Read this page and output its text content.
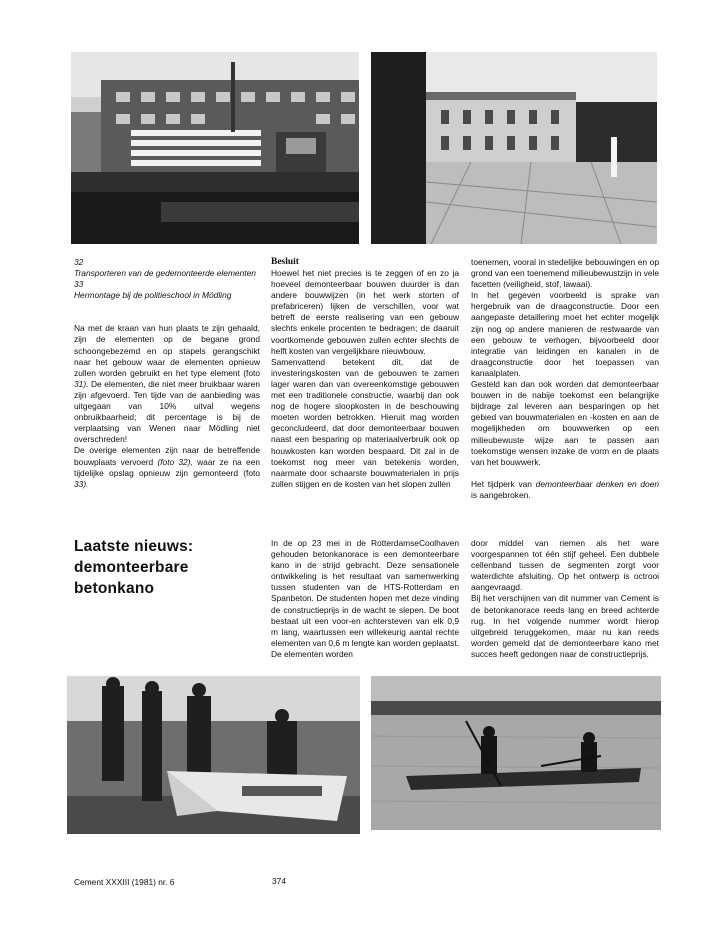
32
Transporteren van de gedemonteerde elementen
33
Hermontage bij de politieschool in Mödling

Na met de kraan van hun plaats te zijn gehaald, zijn de elementen op de begane grond schoongebezemd en op stapels gerangschikt naar het gebouw waar de elementen opnieuw zullen worden gebruikt en het type element (foto 31). De elementen, die niet meer bruikbaar waren zijn afgevoerd. Ten tijde van de aanbieding was uitgegaan van 10% uitval wegens onbruikbaarheid; dit percentage is bij de verplaatsing van Wenen naar Mödling niet overschreden!

De overige elementen zijn naar de betreffende bouwplaats vervoerd (foto 32), waar ze na een tijdelijke opslag opnieuw zijn gemonteerd (foto 33).

Besluit

Hoewel het niet precies is te zeggen of en zo ja hoeveel demonteerbaar bouwen duurder is dan andere bouwwijzen (in het werk storten of prefabriceren) lijken de verschillen, voor wat betreft de eerste realisering van een gebouw slechts enkele procenten te bedragen; de daaruit voortkomende gebouwen zullen echter slechts de helft kosten van vergelijkbare nieuwbouw.

Samenvattend betekent dit, dat de investeringskosten van de gebouwen te zamen lager waren dan van overeenkomstige gebouwen met een traditionele constructie, waarbij dan ook nog de hogere sloopkosten in de beschouwing moeten worden betrokken. Hieruit mag worden geconcludeerd, dat door demonteerbaar bouwen naast een besparing op materiaalverbruik ook op houwkosten kan worden bespaard. Dit zal in de toekomst nog meer van betekenis worden, naarmate door schaarste bouwmaterialen in prijs zullen stijgen en de kosten van het slopen zullen

toenemen, vooral in stedelijke bebouwingen en op grond van een toenemend milieubewustzijn in vele facetten (veiligheid, stof, lawaai).

In het gegeven voorbeeld is sprake van hergebruik van de draagconstructie. Door een aangepaste detaillering moet het echter mogelijk zijn nog op andere manieren de restwaarde van een gebouw te verhogen, bijvoorbeeld door integratie van leidingen en kanalen in de draagconstructie door het toepassen van kanaalplaten.

Gesteld kan dan ook worden dat demonteerbaar bouwen in de nabije toekomst een belangrijke bijdrage zal leveren aan besparingen op het gebied van bouwmaterialen en -kosten en aan de mogelijkheden om bouwwerken op een milieubewuste wijze aan te passen aan toekomstige wensen inzake de vorm en de plaats van het bouwwerk.

Het tijdperk van demonteerbaar denken en doen is aangebroken.

Laatste nieuws: demonteerbare betonkano

In de op 23 mei in de RotterdamseCoolhaven gehouden betonkanorace is een demonteerbare kano in de strijd gebracht. Deze sensationele ontwikkeling is het resultaat van samenwerking tussen studenten van de HTS-Rotterdam en Spanbeton. De studenten hopen met deze vinding de constructieprijs in de wacht te slepen. De boot bestaat uit een voor-en achtersteven van elk 0,9 m lang, waartussen een willekeurig aantal rechte elementen van 0,6 m lengte kan worden geplaatst. De elementen worden

door middel van riemen als het ware voorgespannen tot één stijf geheel. Een dubbele cellenband tussen de segmenten zorgt voor waterdichte afsluiting. Op het ontwerp is octrooi aangevraagd.

Bij het verschijnen van dit nummer van Cement is de betonkanorace reeds lang en breed achterde rug. In het volgende nummer wordt hierop uitgebreid teruggekomen, maar nu kan reeds worden gemeld dat de demonteerbare kano met succes heeft gedongen naar de constructieprijs.

Cement XXXIII (1981) nr. 6	374
